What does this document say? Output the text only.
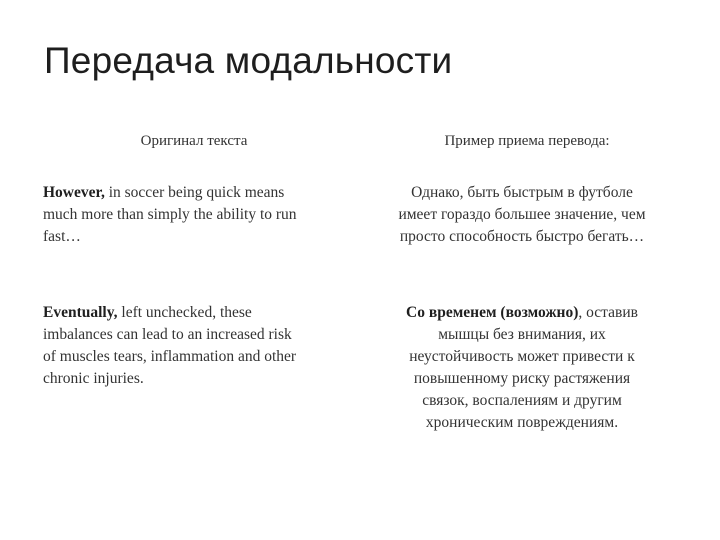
Передача модальности
Оригинал текста	Пример приема перевода:
However, in soccer being quick means
much more than simply the ability to run
fast…
Однако, быть быстрым в футболе
имеет гораздо большее значение, чем
просто способность быстро бегать…
Eventually, left unchecked, these
imbalances can lead to an increased risk
of muscles tears, inflammation and other
chronic injuries.
Со временем (возможно), оставив
мышцы без внимания, их
неустойчивость может привести к
повышенному риску растяжения
связок, воспалениям и другим
хроническим повреждениям.
